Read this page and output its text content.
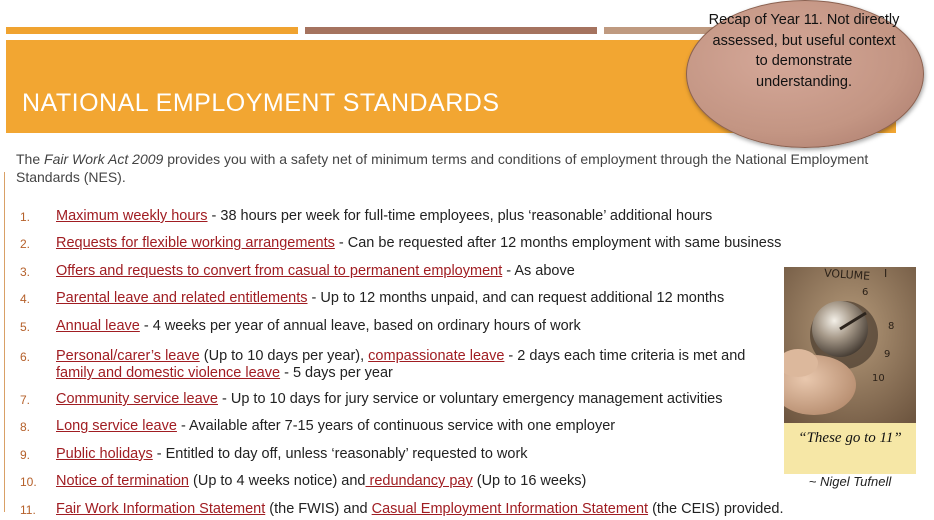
NATIONAL EMPLOYMENT STANDARDS
Recap of Year 11. Not directly assessed, but useful context to demonstrate understanding.
The Fair Work Act 2009 provides you with a safety net of minimum terms and conditions of employment through the National Employment Standards (NES).
1.	Maximum weekly hours - 38 hours per week for full-time employees, plus ‘reasonable’ additional hours
2.	Requests for flexible working arrangements - Can be requested after 12 months employment with same business
3.	Offers and requests to convert from casual to permanent employment - As above
4.	Parental leave and related entitlements - Up to 12 months unpaid, and can request additional 12 months
5.	Annual leave - 4 weeks per year of annual leave, based on ordinary hours of work
6.	Personal/carer’s leave (Up to 10 days per year), compassionate leave - 2 days each time criteria is met and family and domestic violence leave - 5 days per year
7.	Community service leave - Up to 10 days for jury service or voluntary emergency management activities
8.	Long service leave - Available after 7-15 years of continuous service with one employer
9.	Public holidays - Entitled to day off, unless ‘reasonably’ requested to work
10.	Notice of termination (Up to 4 weeks notice) and redundancy pay (Up to 16 weeks)
11.	Fair Work Information Statement (the FWIS) and Casual Employment Information Statement (the CEIS) provided.
VOLUME I
6
8
9
10
“These go to 11”
~ Nigel Tufnell
